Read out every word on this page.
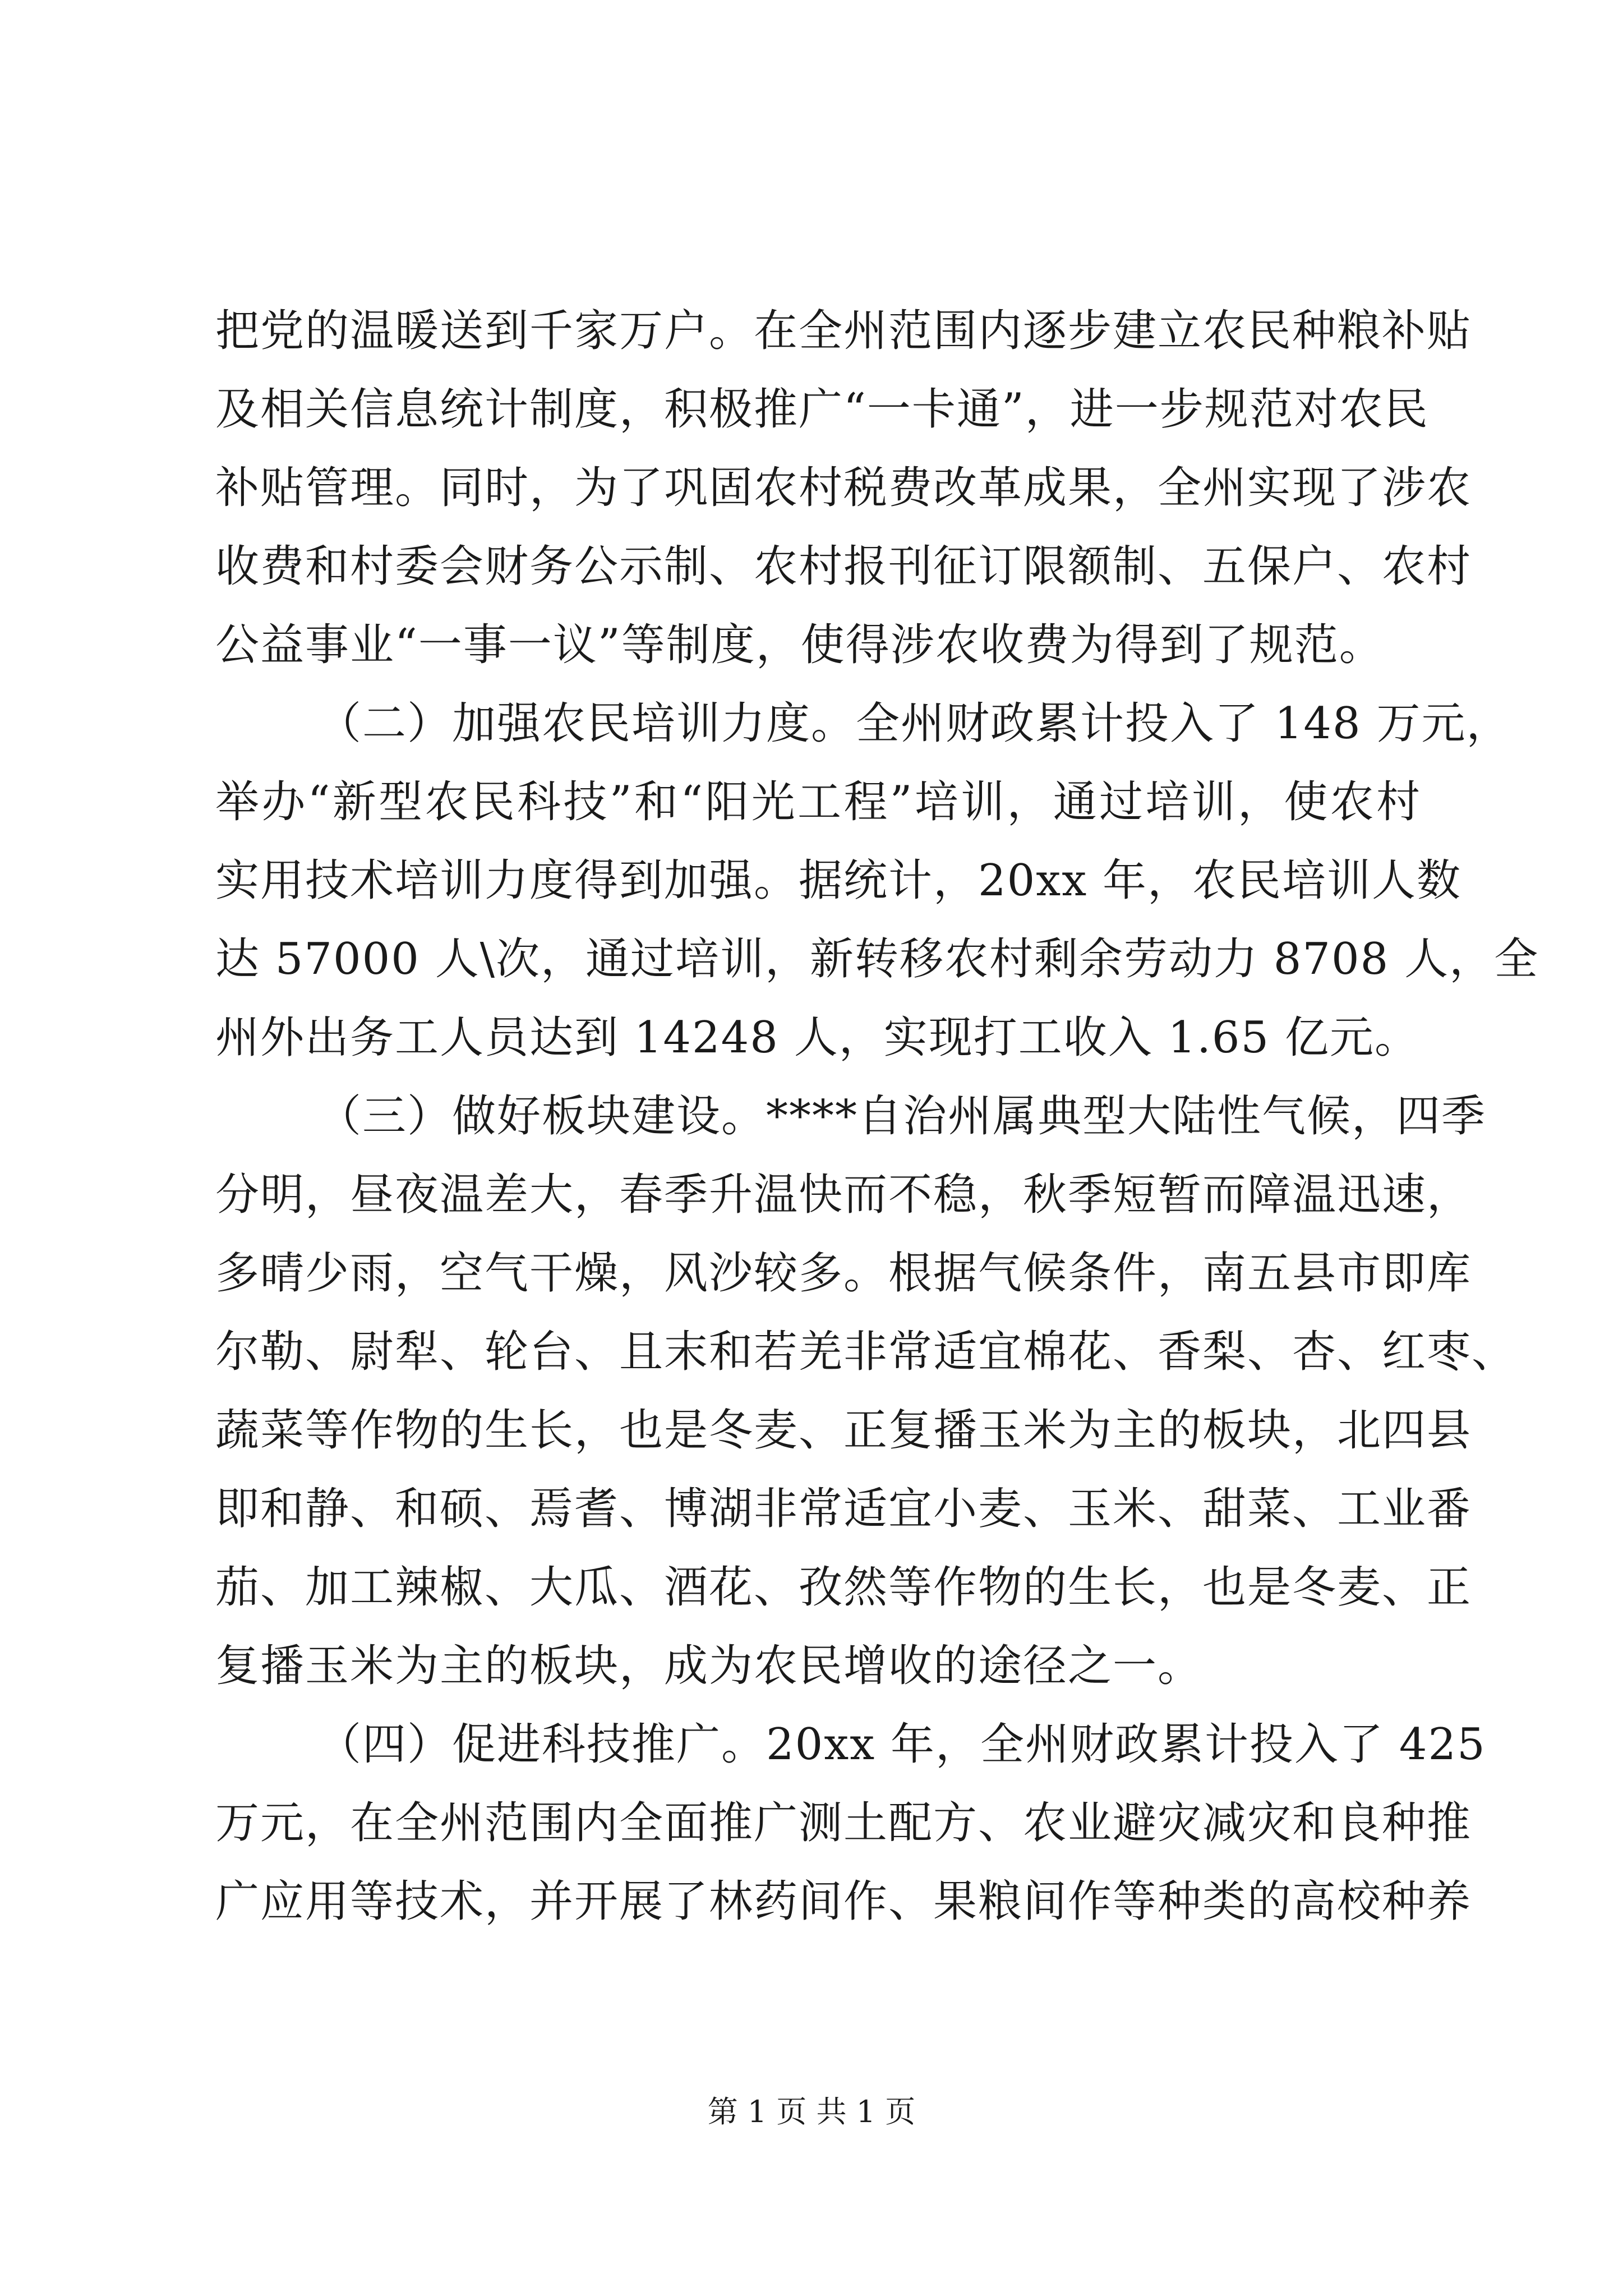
把党的温暖送到千家万户。在全州范围内逐步建立农民种粮补贴
及相关信息统计制度，积极推广“一卡通”，进一步规范对农民
补贴管理。同时，为了巩固农村税费改革成果，全州实现了涉农
收费和村委会财务公示制、农村报刊征订限额制、五保户、农村
公益事业“一事一议”等制度，使得涉农收费为得到了规范。
（二）加强农民培训力度。全州财政累计投入了 148 万元，
举办“新型农民科技”和“阳光工程”培训，通过培训，使农村
实用技术培训力度得到加强。据统计，20xx 年，农民培训人数
达 57000 人\次，通过培训，新转移农村剩余劳动力 8708 人，全
州外出务工人员达到 14248 人，实现打工收入 1.65 亿元。
（三）做好板块建设。****自治州属典型大陆性气候，四季
分明，昼夜温差大，春季升温快而不稳，秋季短暂而障温迅速，
多晴少雨，空气干燥，风沙较多。根据气候条件，南五县市即库
尔勒、尉犁、轮台、且末和若羌非常适宜棉花、香梨、杏、红枣、
蔬菜等作物的生长，也是冬麦、正复播玉米为主的板块，北四县
即和静、和硕、焉耆、博湖非常适宜小麦、玉米、甜菜、工业番
茄、加工辣椒、大瓜、酒花、孜然等作物的生长，也是冬麦、正
复播玉米为主的板块，成为农民增收的途径之一。
（四）促进科技推广。20xx 年，全州财政累计投入了 425
万元，在全州范围内全面推广测土配方、农业避灾减灾和良种推
广应用等技术，并开展了林药间作、果粮间作等种类的高校种养
第 1 页 共 1 页
